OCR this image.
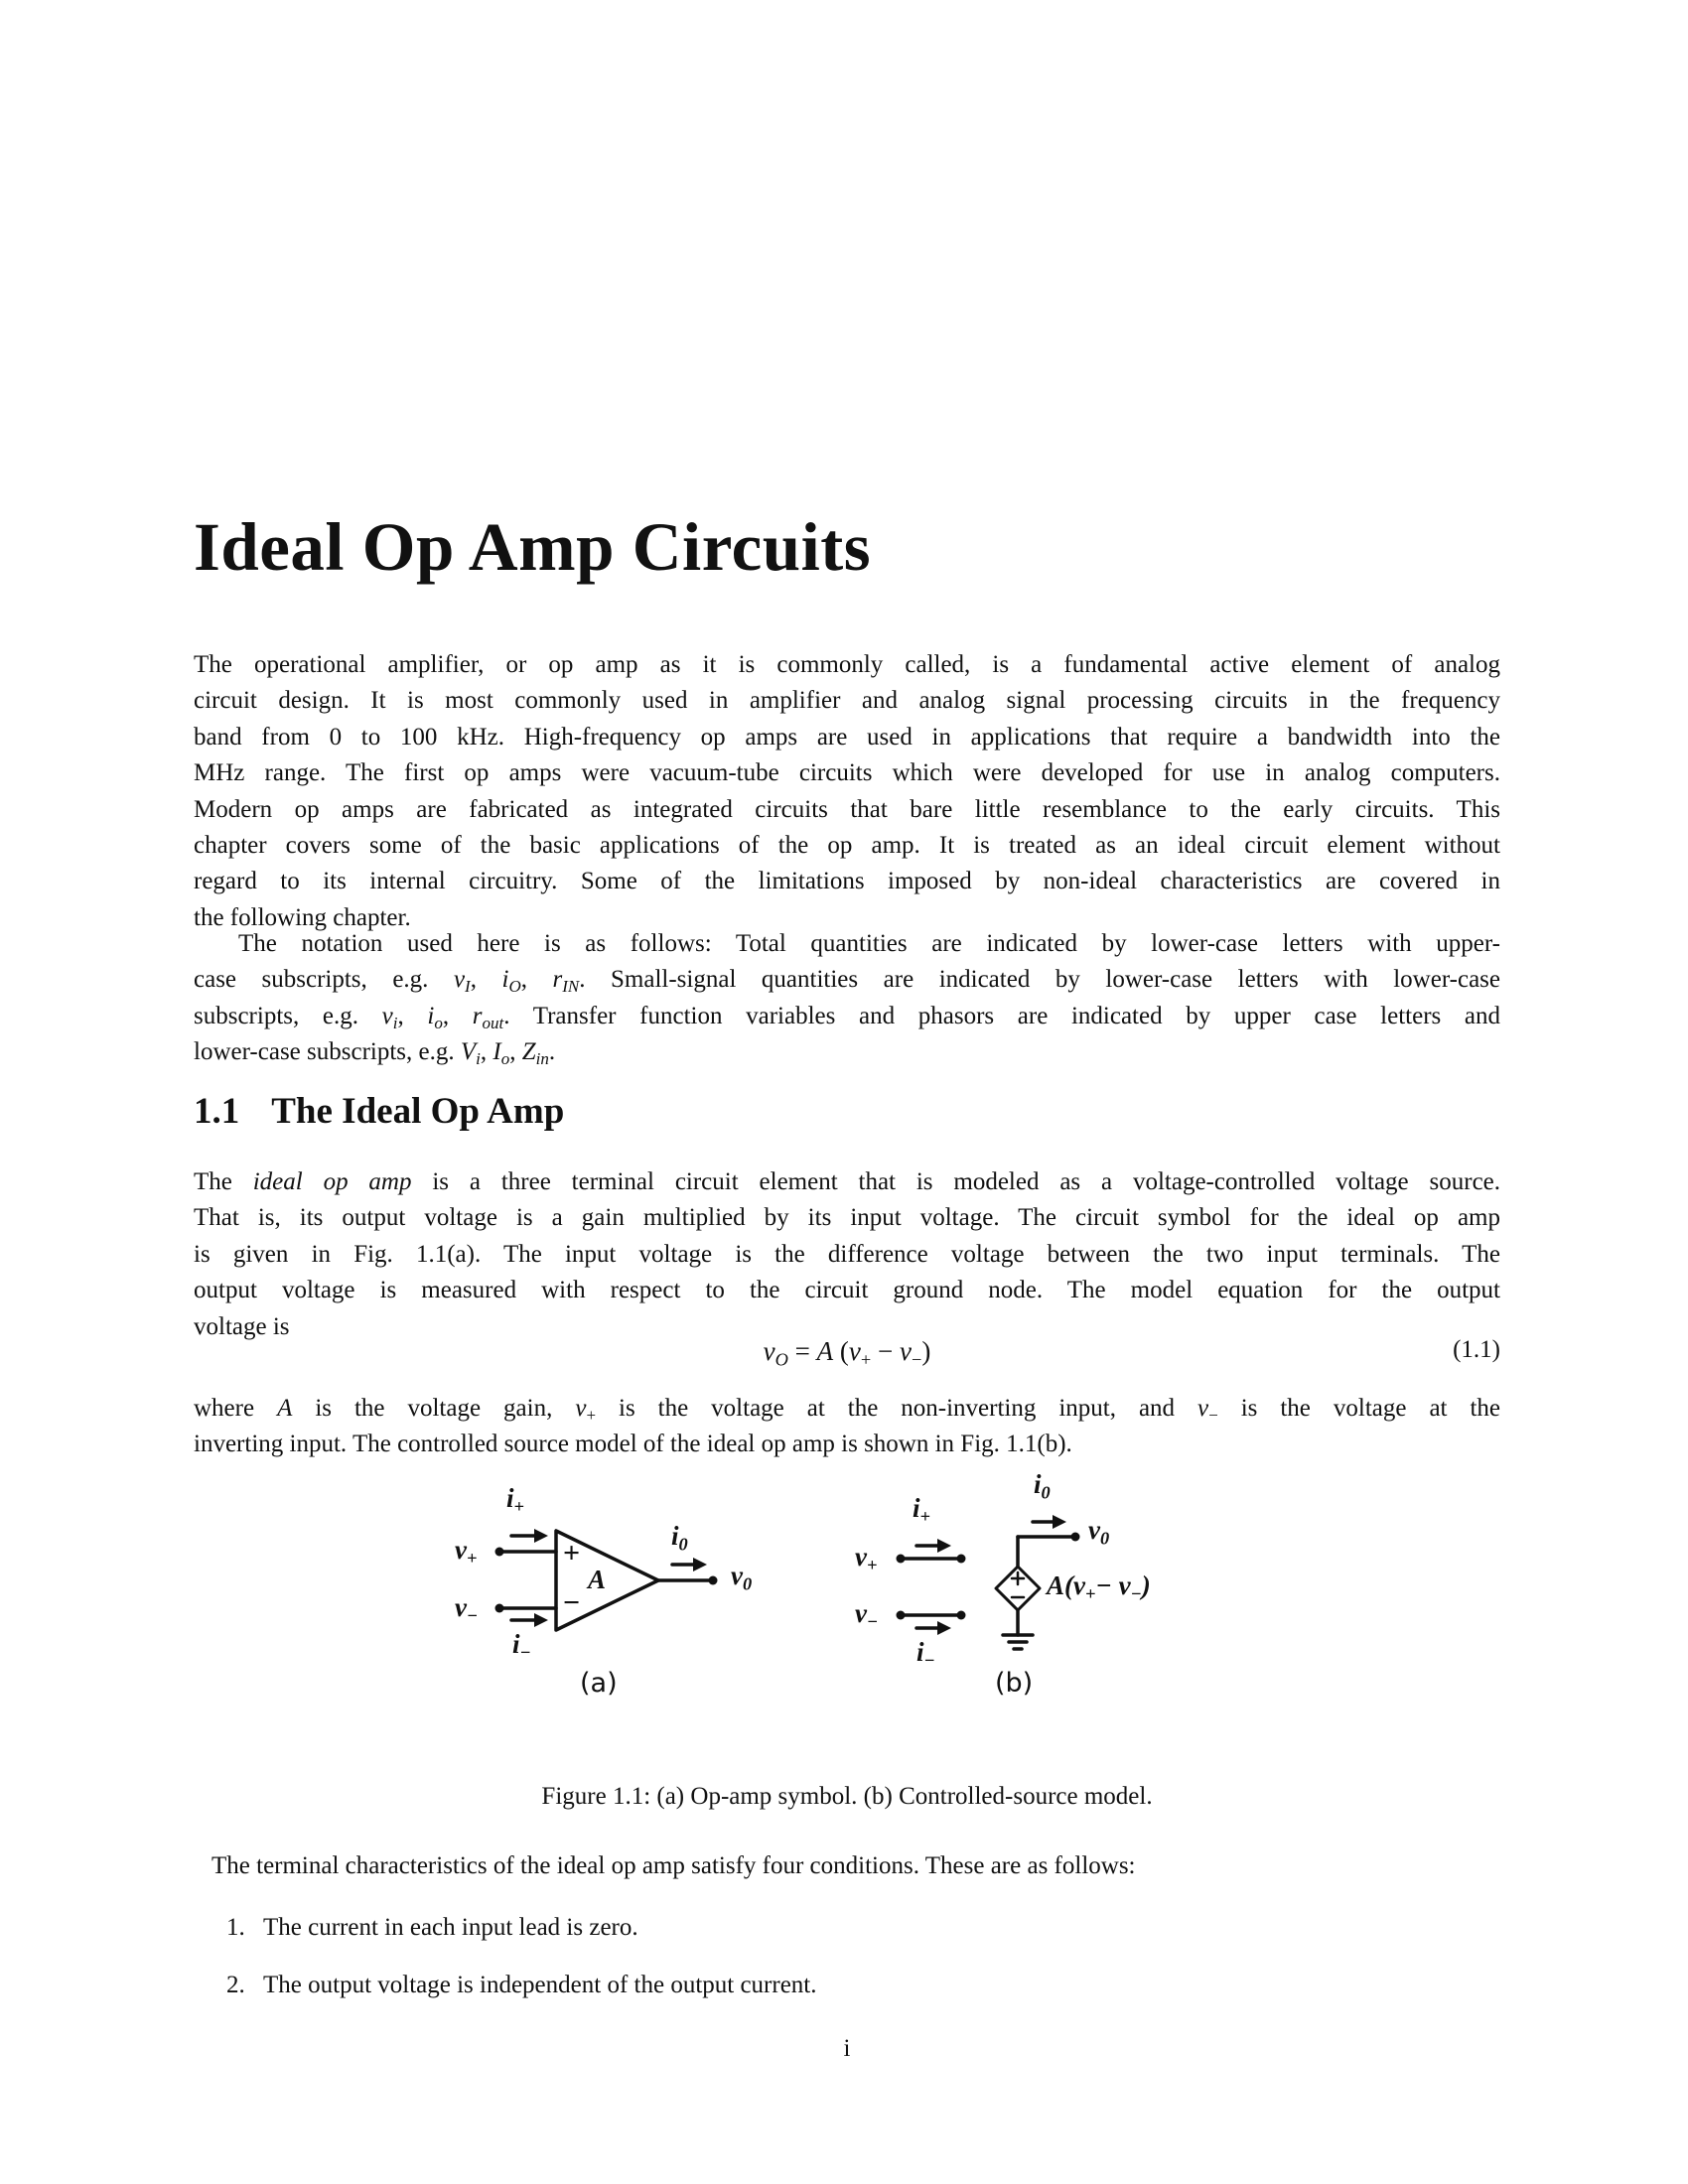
Ideal Op Amp Circuits
The operational amplifier, or op amp as it is commonly called, is a fundamental active element of analog
circuit design. It is most commonly used in amplifier and analog signal processing circuits in the frequency
band from 0 to 100 kHz. High-frequency op amps are used in applications that require a bandwidth into the
MHz range. The first op amps were vacuum-tube circuits which were developed for use in analog computers.
Modern op amps are fabricated as integrated circuits that bare little resemblance to the early circuits. This
chapter covers some of the basic applications of the op amp. It is treated as an ideal circuit element without
regard to its internal circuitry. Some of the limitations imposed by non-ideal characteristics are covered in
the following chapter.
The notation used here is as follows: Total quantities are indicated by lower-case letters with upper-
case subscripts, e.g. $v_I$, $i_O$, $r_{IN}$. Small-signal quantities are indicated by lower-case letters with lower-case
subscripts, e.g. $v_i$, $i_o$, $r_{out}$. Transfer function variables and phasors are indicated by upper case letters and
lower-case subscripts, e.g. $V_i$, $I_o$, $Z_{in}$.
1.1 The Ideal Op Amp
The ideal op amp is a three terminal circuit element that is modeled as a voltage-controlled voltage source.
That is, its output voltage is a gain multiplied by its input voltage. The circuit symbol for the ideal op amp
is given in Fig. 1.1(a). The input voltage is the difference voltage between the two input terminals. The
output voltage is measured with respect to the circuit ground node. The model equation for the output
voltage is
$v_O = A$ $(v_+ - v_-)$	(1.1)
where A is the voltage gain, $v_+$ is the voltage at the non-inverting input, and $v_-$ is the voltage at the
inverting input. The controlled source model of the ideal op amp is shown in Fig. 1.1(b).
$i_+$
$v_+$
$v_-$
$i_-$
+
−
A
$i_0$
$v_0$
(a)
$i_+$
$v_+$
$v_-$
$i_-$
$i_0$
$v_0$
$A(v_+- v_-)$
(b)
Figure 1.1: (a) Op-amp symbol. (b) Controlled-source model.
The terminal characteristics of the ideal op amp satisfy four conditions. These are as follows:
1. The current in each input lead is zero.
2. The output voltage is independent of the output current.
i
